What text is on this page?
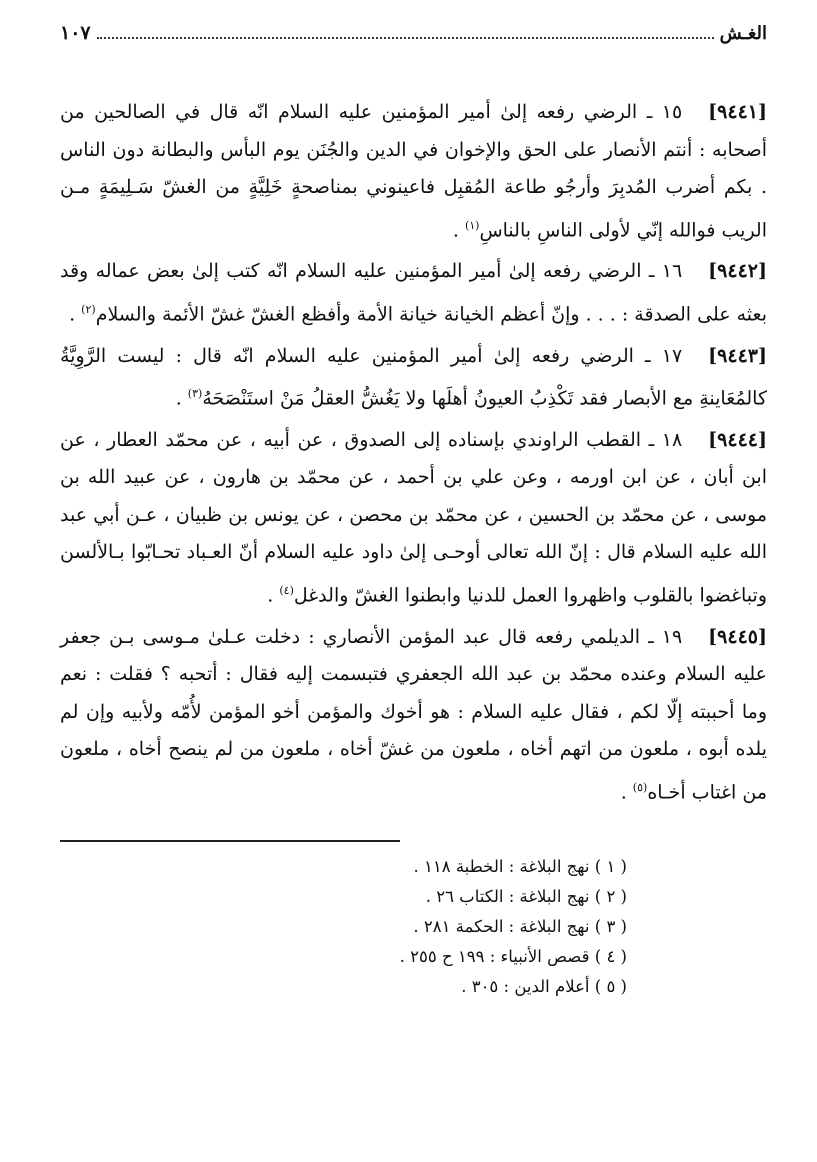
الغـش
١٠٧
[٩٤٤١]١٥ ـ الرضي رفعه إلىٰ أمير المؤمنين عليه السلام انّه قال في الصالحين من أصحابه : أنتم الأنصار على الحق والإخوان في الدين والجُنَن يوم البأس والبطانة دون الناس . بكم أضرب المُدبِرَ وأرجُو طاعة المُقبِل فاعينوني بمناصحةٍ خَلِيَّةٍ من الغشّ سَـلِيمَةٍ مـن الريب فوالله إنّي لأولى الناسِ بالناسِ$^{(١)}$ .
[٩٤٤٢]١٦ ـ الرضي رفعه إلىٰ أمير المؤمنين عليه السلام انّه كتب إلىٰ بعض عماله وقد بعثه على الصدقة : . . . وإنّ أعظم الخيانة خيانة الأمة وأفظع الغشّ غشّ الأئمة والسلام$^{(٢)}$ .
[٩٤٤٣]١٧ ـ الرضي رفعه إلىٰ أمير المؤمنين عليه السلام انّه قال : ليست الرَّوِيَّةُ كالمُعَاينةِ مع الأبصار فقد تَكْذِبُ العيونُ أهلَها ولا يَغُشُّ العقلُ مَنْ استَنْصَحَهُ$^{(٣)}$ .
[٩٤٤٤]١٨ ـ القطب الراوندي بإسناده إلى الصدوق ، عن أبيه ، عن محمّد العطار ، عن ابن أبان ، عن ابن اورمه ، وعن علي بن أحمد ، عن محمّد بن هارون ، عن عبيد الله بن موسى ، عن محمّد بن الحسين ، عن محمّد بن محصن ، عن يونس بن ظبيان ، عـن أبي عبد الله عليه السلام قال : إنّ الله تعالى أوحـى إلىٰ داود عليه السلام أنّ العـباد تحـابّوا بـالألسن وتباغضوا بالقلوب واظهروا العمل للدنيا وابطنوا الغشّ والدغل$^{(٤)}$ .
[٩٤٤٥]١٩ ـ الديلمي رفعه قال عبد المؤمن الأنصاري : دخلت عـلىٰ مـوسى بـن جعفر عليه السلام وعنده محمّد بن عبد الله الجعفري فتبسمت إليه فقال : أتحبه ؟ فقلت : نعم وما أحببته إلّا لكم ، فقال عليه السلام : هو أخوك والمؤمن أخو المؤمن لأُمّه ولأبيه وإن لم يلده أبوه ، ملعون من اتهم أخاه ، ملعون من غشّ أخاه ، ملعون من لم ينصح أخاه ، ملعون من اغتاب أخـاه$^{(٥)}$ .
( ١ ) نهج البلاغة : الخطبة ١١٨ .
( ٢ ) نهج البلاغة : الكتاب ٢٦ .
( ٣ ) نهج البلاغة : الحكمة ٢٨١ .
( ٤ ) قصص الأنبياء : ١٩٩ ح ٢٥٥ .
( ٥ ) أعلام الدين : ٣٠٥ .
